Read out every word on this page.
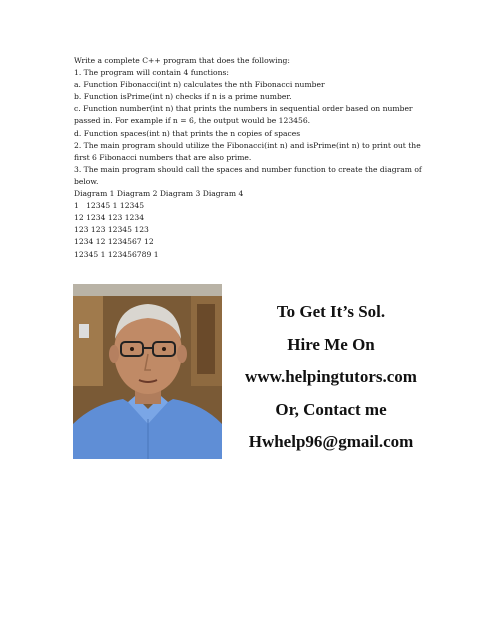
Write a complete C++ program that does the following:
1. The program will contain 4 functions:
a. Function Fibonacci(int n) calculates the nth Fibonacci number
b. Function isPrime(int n) checks if n is a prime number.
c. Function number(int n) that prints the numbers in sequential order based on number
passed in. For example if n = 6, the output would be 123456.
d. Function spaces(int n) that prints the n copies of spaces
2. The main program should utilize the Fibonacci(int n) and isPrime(int n) to print out the
first 6 Fibonacci numbers that are also prime.
3. The main program should call the spaces and number function to create the diagram of
below.
Diagram 1 Diagram 2 Diagram 3 Diagram 4
1   12345 1 12345
12 1234 123 1234
123 123 12345 123
1234 12 1234567 12
12345 1 123456789 1
To Get It’s Sol.
Hire Me On
www.helpingtutors.com
Or, Contact me
Hwhelp96@gmail.com
